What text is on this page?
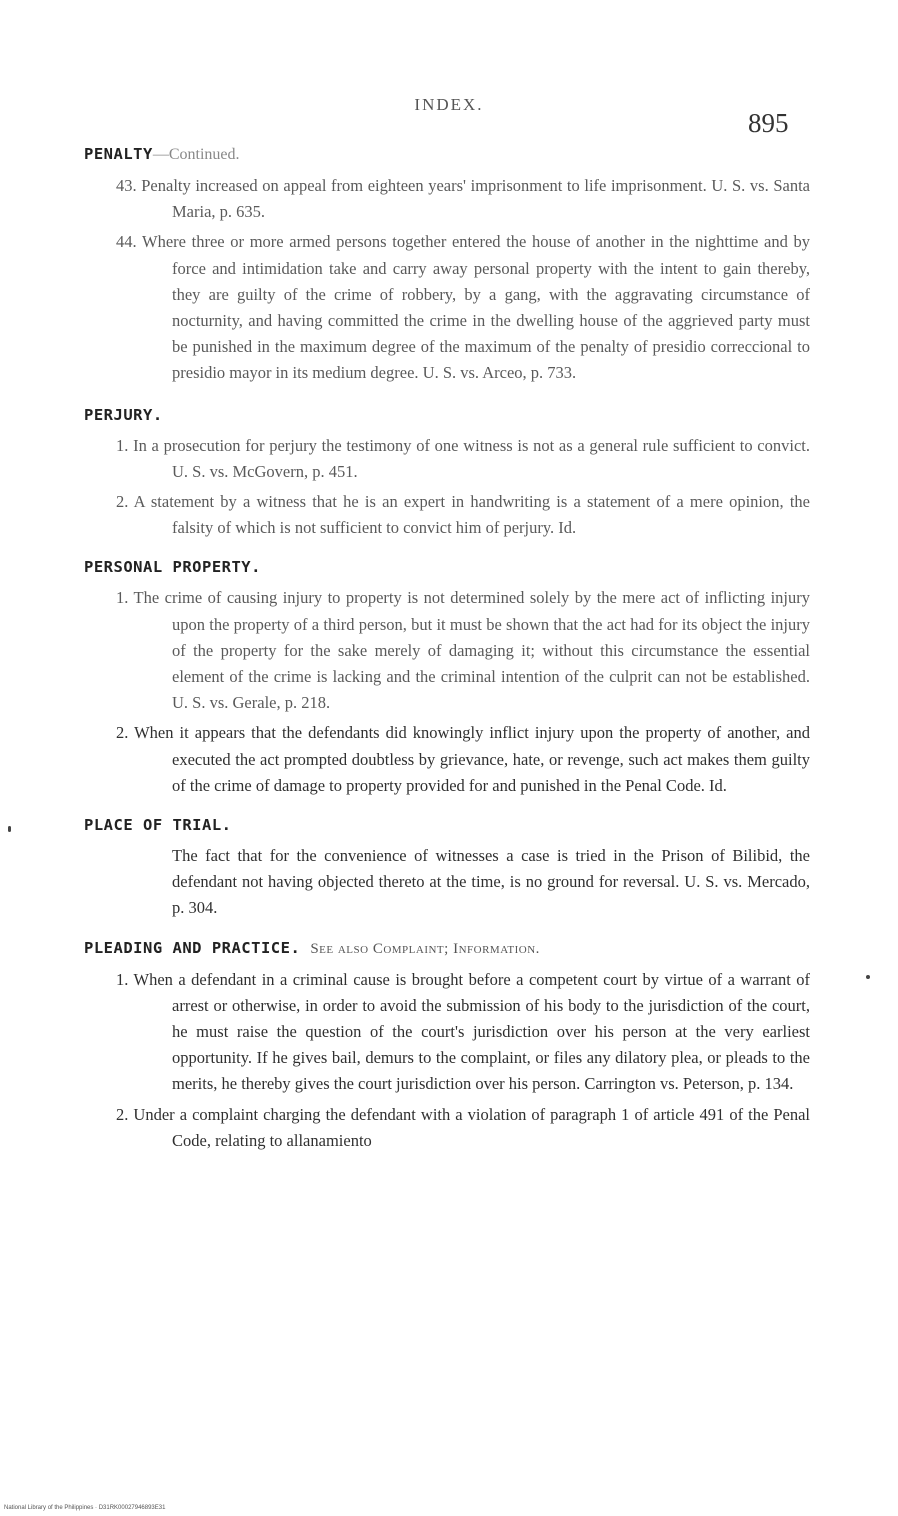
INDEX.
895
PENALTY—Continued.

43. Penalty increased on appeal from eighteen years' imprisonment to life imprisonment. U. S. vs. Santa Maria, p. 635.

44. Where three or more armed persons together entered the house of another in the nighttime and by force and intimidation take and carry away personal property with the intent to gain thereby, they are guilty of the crime of robbery, by a gang, with the aggravating circumstance of nocturnity, and having committed the crime in the dwelling house of the aggrieved party must be punished in the maximum degree of the maximum of the penalty of presidio correccional to presidio mayor in its medium degree. U. S. vs. Arceo, p. 733.

PERJURY.

1. In a prosecution for perjury the testimony of one witness is not as a general rule sufficient to convict. U. S. vs. McGovern, p. 451.

2. A statement by a witness that he is an expert in handwriting is a statement of a mere opinion, the falsity of which is not sufficient to convict him of perjury. Id.

PERSONAL PROPERTY.

1. The crime of causing injury to property is not determined solely by the mere act of inflicting injury upon the property of a third person, but it must be shown that the act had for its object the injury of the property for the sake merely of damaging it; without this circumstance the essential element of the crime is lacking and the criminal intention of the culprit can not be established. U. S. vs. Gerale, p. 218.

2. When it appears that the defendants did knowingly inflict injury upon the property of another, and executed the act prompted doubtless by grievance, hate, or revenge, such act makes them guilty of the crime of damage to property provided for and punished in the Penal Code. Id.

PLACE OF TRIAL.

The fact that for the convenience of witnesses a case is tried in the Prison of Bilibid, the defendant not having objected thereto at the time, is no ground for reversal. U. S. vs. Mercado, p. 304.

PLEADING AND PRACTICE. See also Complaint; Information.

1. When a defendant in a criminal cause is brought before a competent court by virtue of a warrant of arrest or otherwise, in order to avoid the submission of his body to the jurisdiction of the court, he must raise the question of the court's jurisdiction over his person at the very earliest opportunity. If he gives bail, demurs to the complaint, or files any dilatory plea, or pleads to the merits, he thereby gives the court jurisdiction over his person. Carrington vs. Peterson, p. 134.

2. Under a complaint charging the defendant with a violation of paragraph 1 of article 491 of the Penal Code, relating to allanamiento

National Library of the Philippines · D31RK00027946893E31
